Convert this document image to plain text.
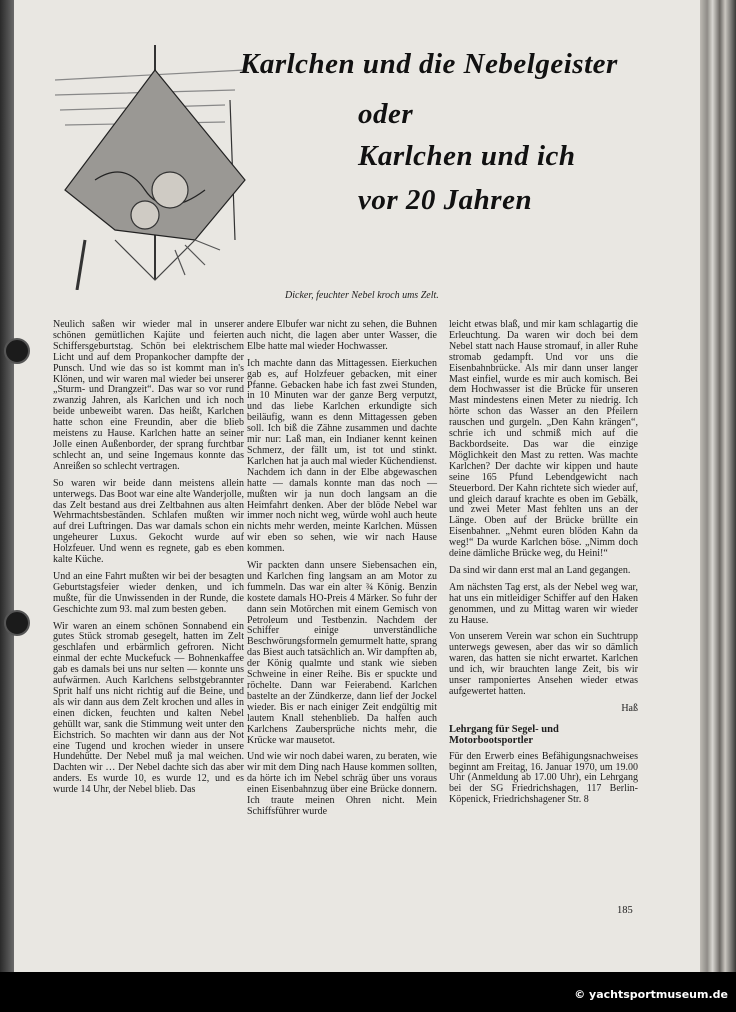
Karlchen und die Nebelgeister
oder
Karlchen und ich
vor 20 Jahren
Dicker, feuchter Nebel kroch ums Zelt.

Neulich saßen wir wieder mal in unserer schönen gemütlichen Kajüte und feierten Schiffersgeburtstag. Schön bei elektrischem Licht und auf dem Propankocher dampfte der Punsch. Und wie das so ist kommt man in's Klönen, und wir waren mal wieder bei unserer „Sturm- und Drangzeit“. Das war so vor rund zwanzig Jahren, als Karlchen und ich noch beide unbeweibt waren. Das heißt, Karlchen hatte schon eine Freundin, aber die blieb meistens zu Hause. Karlchen hatte an seiner Jolle einen Außenborder, der sprang furchtbar schlecht an, und seine Ingemaus konnte das Anreißen so schlecht vertragen.

So waren wir beide dann meistens allein unterwegs. Das Boot war eine alte Wanderjolle, das Zelt bestand aus drei Zeltbahnen aus alten Wehrmachtsbeständen. Schlafen mußten wir auf drei Luftringen. Das war damals schon ein ungeheurer Luxus. Gekocht wurde auf Holzfeuer. Und wenn es regnete, gab es eben kalte Küche.

Und an eine Fahrt mußten wir bei der besagten Geburtstagsfeier wieder denken, und ich mußte, für die Unwissenden in der Runde, die Geschichte zum 93. mal zum besten geben.

Wir waren an einem schönen Sonnabend ein gutes Stück stromab gesegelt, hatten im Zelt geschlafen und erbärmlich gefroren. Nicht einmal der echte Muckefuck — Bohnenkaffee gab es damals bei uns nur selten — konnte uns aufwärmen. Auch Karlchens selbstgebrannter Sprit half uns nicht richtig auf die Beine, und als wir dann aus dem Zelt krochen und alles in einen dicken, feuchten und kalten Nebel gehüllt war, sank die Stimmung weit unter den Eichstrich. So machten wir dann aus der Not eine Tugend und krochen wieder in unsere Hundehütte. Der Nebel muß ja mal weichen. Dachten wir … Der Nebel dachte sich das aber anders. Es wurde 10, es wurde 12, und es wurde 14 Uhr, der Nebel blieb. Das

andere Elbufer war nicht zu sehen, die Buhnen auch nicht, die lagen aber unter Wasser, die Elbe hatte mal wieder Hochwasser.

Ich machte dann das Mittagessen. Eierkuchen gab es, auf Holzfeuer gebacken, mit einer Pfanne. Gebacken habe ich fast zwei Stunden, in 10 Minuten war der ganze Berg verputzt, und das liebe Karlchen erkundigte sich beiläufig, wann es denn Mittagessen geben soll. Ich biß die Zähne zusammen und dachte mir nur: Laß man, ein Indianer kennt keinen Schmerz, der fällt um, ist tot und stinkt. Karlchen hat ja auch mal wieder Küchendienst. Nachdem ich dann in der Elbe abgewaschen hatte — damals konnte man das noch — mußten wir ja nun doch langsam an die Heimfahrt denken. Aber der blöde Nebel war immer noch nicht weg, würde wohl auch heute nichts mehr werden, meinte Karlchen. Müssen wir eben so sehen, wie wir nach Hause kommen.

Wir packten dann unsere Siebensachen ein, und Karlchen fing langsam an am Motor zu fummeln. Das war ein alter ¾ König. Benzin kostete damals HO-Preis 4 Märker. So fuhr der dann sein Motörchen mit einem Gemisch von Petroleum und Testbenzin. Nachdem der Schiffer einige unverständliche Beschwörungsformeln gemurmelt hatte, sprang das Biest auch tatsächlich an. Wir dampften ab, der König qualmte und stank wie sieben Schweine in einer Reihe. Bis er spuckte und röchelte. Dann war Feierabend. Karlchen bastelte an der Zündkerze, dann lief der Jockel wieder. Bis er nach einiger Zeit endgültig mit lautem Knall stehenblieb. Da halfen auch Karlchens Zaubersprüche nichts mehr, die Krücke war mausetot.

Und wie wir noch dabei waren, zu beraten, wie wir mit dem Ding nach Hause kommen sollten, da hörte ich im Nebel schräg über uns voraus einen Eisenbahnzug über eine Brücke donnern. Ich traute meinen Ohren nicht. Mein Schiffsführer wurde

leicht etwas blaß, und mir kam schlagartig die Erleuchtung. Da waren wir doch bei dem Nebel statt nach Hause stromauf, in aller Ruhe stromab gedampft. Und vor uns die Eisenbahnbrücke. Als mir dann unser langer Mast einfiel, wurde es mir auch komisch. Bei dem Hochwasser ist die Brücke für unseren Mast mindestens einen Meter zu niedrig. Ich hörte schon das Wasser an den Pfeilern rauschen und gurgeln. „Den Kahn krängen“, schrie ich und schmiß mich auf die Backbordseite. Das war die einzige Möglichkeit den Mast zu retten. Was machte Karlchen? Der dachte wir kippen und haute seine 165 Pfund Lebendgewicht nach Steuerbord. Der Kahn richtete sich wieder auf, und gleich darauf krachte es oben im Gebälk, und zwei Meter Mast fehlten uns an der Länge. Oben auf der Brücke brüllte ein Eisenbahner. „Nehmt euren blöden Kahn da weg!“ Da wurde Karlchen böse. „Nimm doch deine dämliche Brücke weg, du Heini!“

Da sind wir dann erst mal an Land gegangen.

Am nächsten Tag erst, als der Nebel weg war, hat uns ein mitleidiger Schiffer auf den Haken genommen, und zu Mittag waren wir wieder zu Hause.

Von unserem Verein war schon ein Suchtrupp unterwegs gewesen, aber das wir so dämlich waren, das hatten sie nicht erwartet. Karlchen und ich, wir brauchten lange Zeit, bis wir unser ramponiertes Ansehen wieder etwas aufgewertet hatten.

Haß
Lehrgang für Segel- und Motorbootsportler

Für den Erwerb eines Befähigungsnachweises beginnt am Freitag, 16. Januar 1970, um 19.00 Uhr (Anmeldung ab 17.00 Uhr), ein Lehrgang bei der SG Friedrichshagen, 117 Berlin-Köpenick, Friedrichshagener Str. 8

185
© yachtsportmuseum.de
